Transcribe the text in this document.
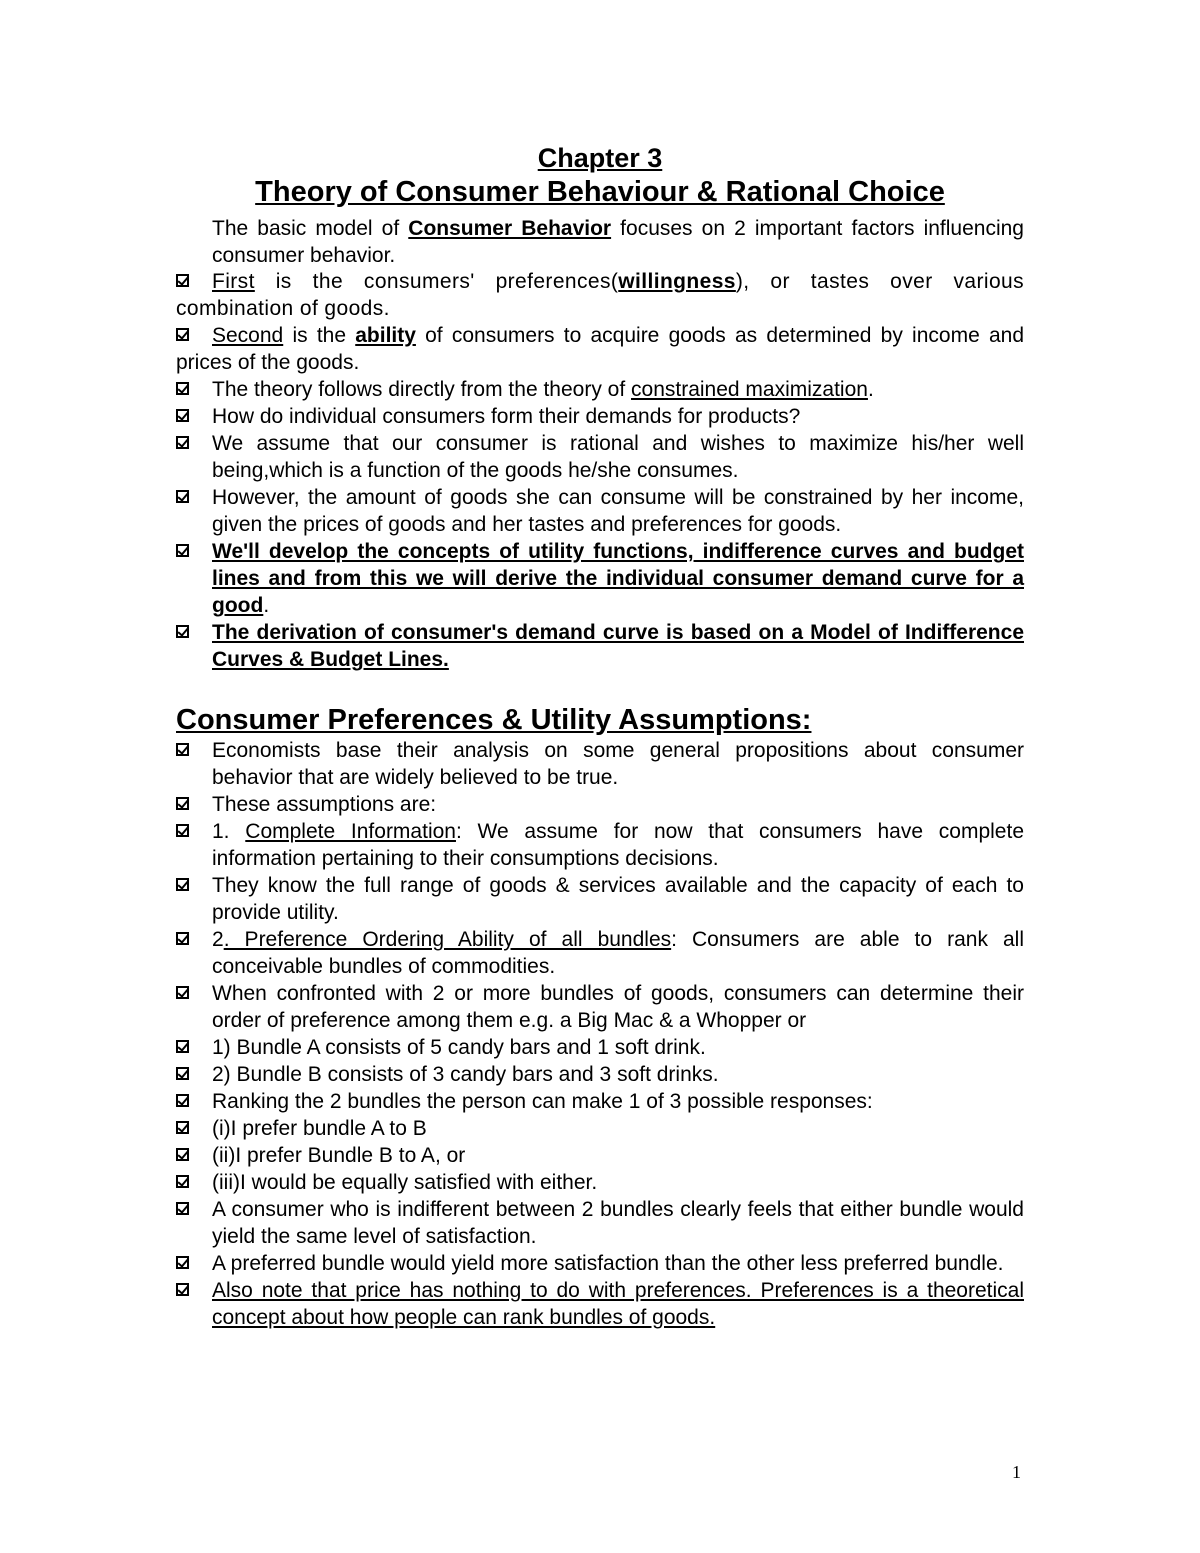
Chapter 3
Theory of Consumer Behaviour & Rational Choice

The basic model of Consumer Behavior focuses on 2 important factors influencing consumer behavior.

First is the consumers' preferences(willingness), or tastes over various combination of goods.
Second is the ability of consumers to acquire goods as determined by income and prices of the goods.
The theory follows directly from the theory of constrained maximization.
How do individual consumers form their demands for products?
We assume that our consumer is rational and wishes to maximize his/her well being,which is a function of the goods he/she consumes.
However, the amount of goods she can consume will be constrained by her income, given the prices of goods and her tastes and preferences for goods.
We'll develop the concepts of utility functions, indifference curves and budget lines and from this we will derive the individual consumer demand curve for a good.
The derivation of consumer's demand curve is based on a Model of Indifference Curves & Budget Lines.
Consumer Preferences & Utility Assumptions:
Economists base their analysis on some general propositions about consumer behavior that are widely believed to be true.
These assumptions are:
1. Complete Information: We assume for now that consumers have complete information pertaining to their consumptions decisions.
They know the full range of goods & services available and the capacity of each to provide utility.
2. Preference Ordering Ability of all bundles: Consumers are able to rank all conceivable bundles of commodities.
When confronted with 2 or more bundles of goods, consumers can determine their order of preference among them e.g. a Big Mac & a Whopper or
1) Bundle A consists of 5 candy bars and 1 soft drink.
2) Bundle B consists of 3 candy bars and 3 soft drinks.
Ranking the 2 bundles the person can make 1 of 3 possible responses:
(i)I prefer bundle A to B
(ii)I prefer Bundle B to A, or
(iii)I would be equally satisfied with either.
A consumer who is indifferent between 2 bundles clearly feels that either bundle would yield the same level of satisfaction.
A preferred bundle would yield more satisfaction than the other less preferred bundle.
Also note that price has nothing to do with preferences. Preferences is a theoretical concept about how people can rank bundles of goods.
1
